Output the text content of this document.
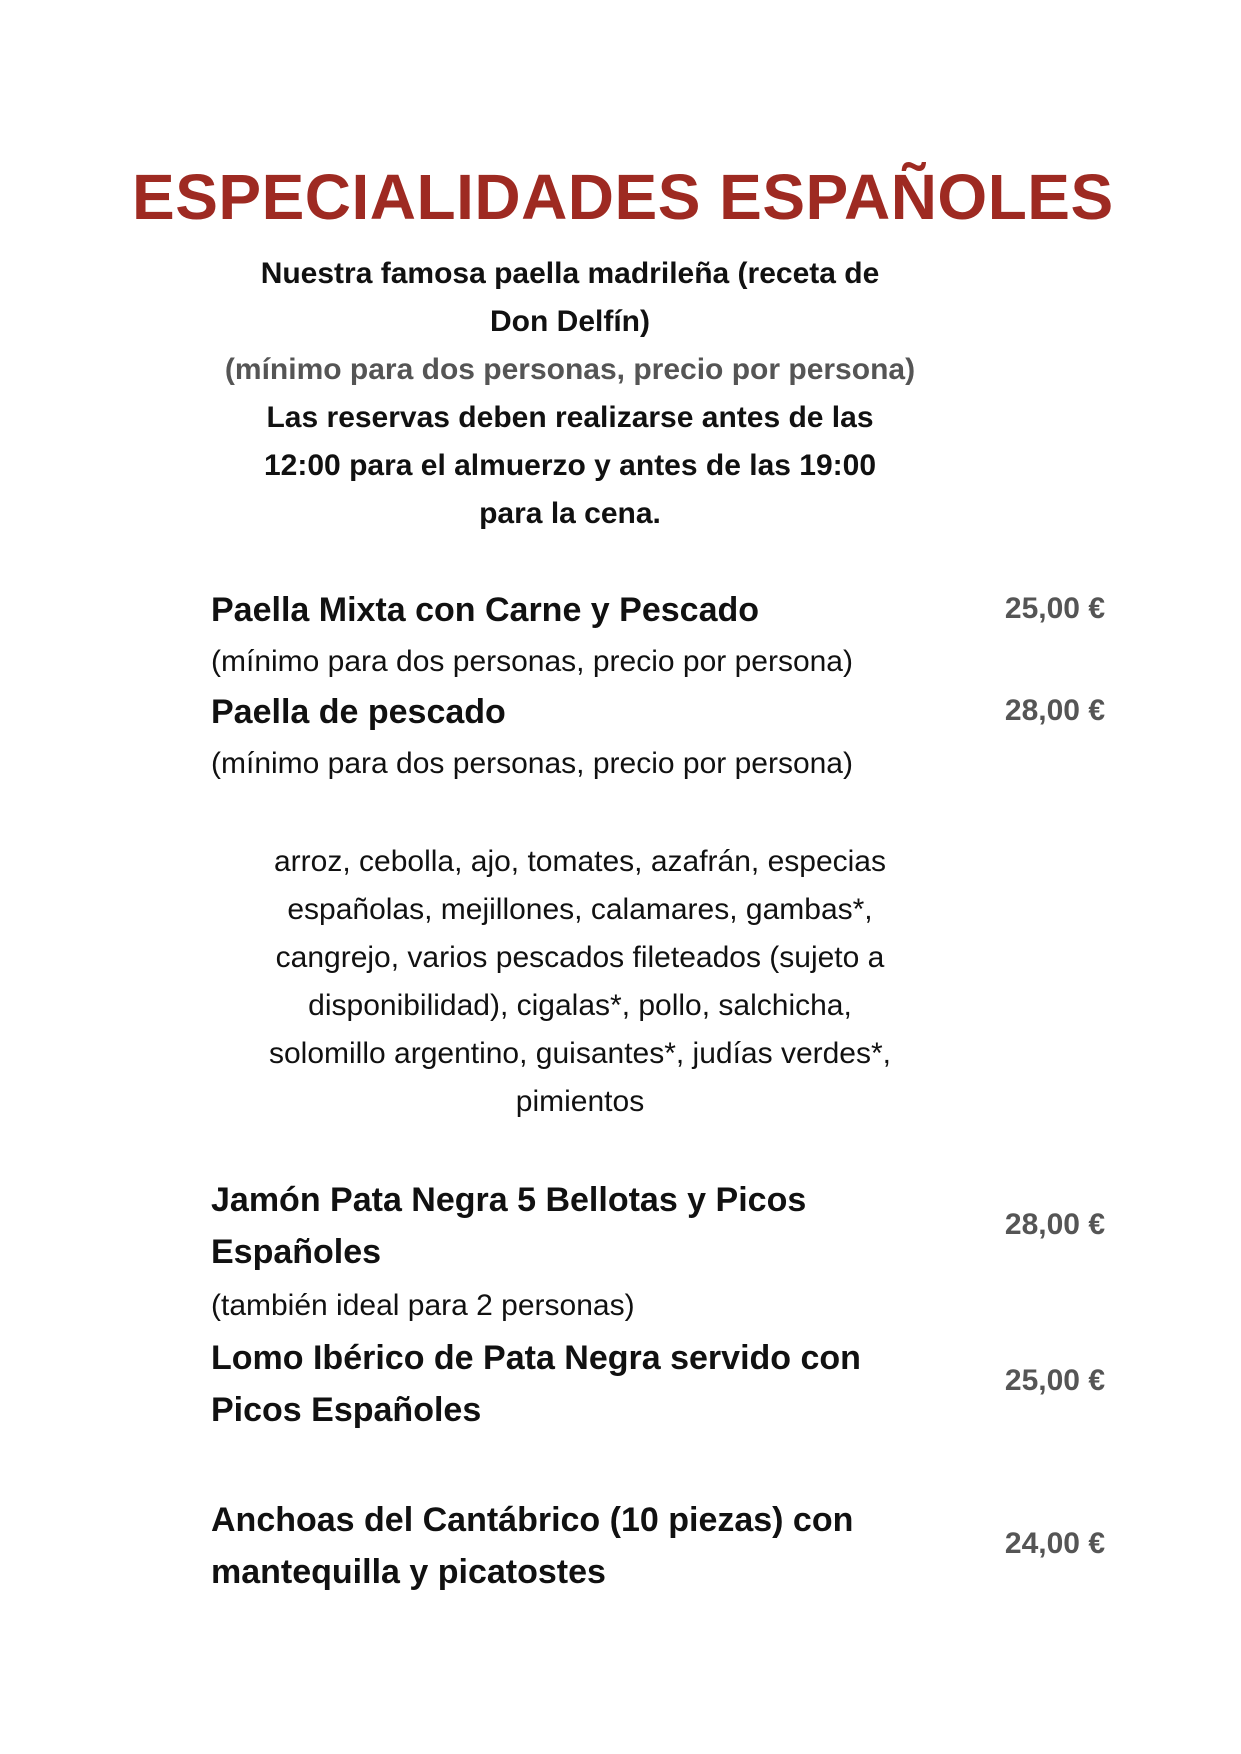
ESPECIALIDADES ESPAÑOLES
Nuestra famosa paella madrileña (receta de
Don Delfín)
(mínimo para dos personas, precio por persona)
Las reservas deben realizarse antes de las
12:00 para el almuerzo y antes de las 19:00
para la cena.
Paella Mixta con Carne y Pescado	25,00 €
(mínimo para dos personas, precio por persona)
Paella de pescado	28,00 €
(mínimo para dos personas, precio por persona)
arroz, cebolla, ajo, tomates, azafrán, especias
españolas, mejillones, calamares, gambas*,
cangrejo, varios pescados fileteados (sujeto a
disponibilidad), cigalas*, pollo, salchicha,
solomillo argentino, guisantes*, judías verdes*,
pimientos
Jamón Pata Negra 5 Bellotas y Picos
Españoles
28,00 €
(también ideal para 2 personas)
Lomo Ibérico de Pata Negra servido con
Picos Españoles
25,00 €
Anchoas del Cantábrico (10 piezas) con
mantequilla y picatostes
24,00 €
